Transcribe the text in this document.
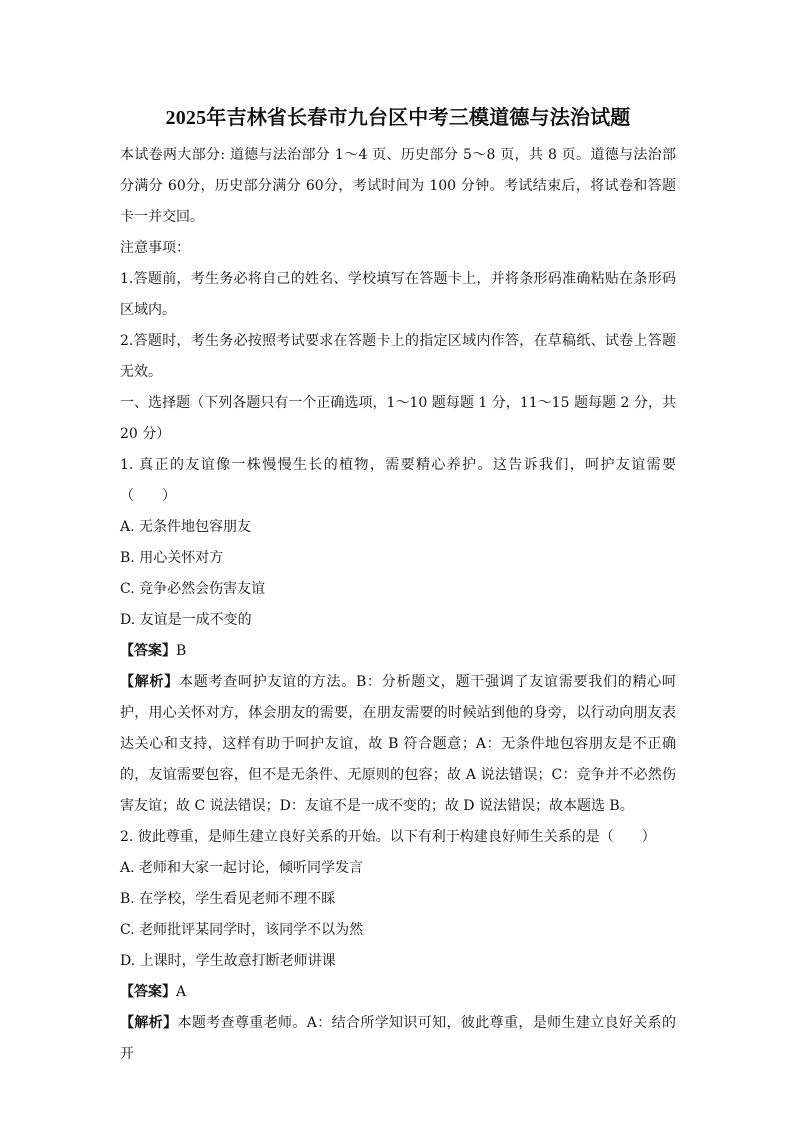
2025年吉林省长春市九台区中考三模道德与法治试题

本试卷两大部分: 道德与法治部分 1～4 页、历史部分 5～8 页，共 8 页。道德与法治部分满分 60分，历史部分满分 60分，考试时间为 100 分钟。考试结束后，将试卷和答题卡一并交回。

注意事项：

1.答题前，考生务必将自己的姓名、学校填写在答题卡上，并将条形码准确粘贴在条形码区域内。

2.答题时，考生务必按照考试要求在答题卡上的指定区域内作答，在草稿纸、试卷上答题无效。

一、选择题（下列各题只有一个正确选项，1～10 题每题 1 分，11～15 题每题 2 分，共 20 分）

1. 真正的友谊像一株慢慢生长的植物，需要精心养护。这告诉我们，呵护友谊需要（　　）

A. 无条件地包容朋友

B. 用心关怀对方

C. 竞争必然会伤害友谊

D. 友谊是一成不变的

【答案】B

【解析】本题考查呵护友谊的方法。B：分析题文，题干强调了友谊需要我们的精心呵护，用心关怀对方，体会朋友的需要，在朋友需要的时候站到他的身旁，以行动向朋友表达关心和支持，这样有助于呵护友谊，故 B 符合题意；A：无条件地包容朋友是不正确的，友谊需要包容，但不是无条件、无原则的包容；故 A 说法错误；C：竞争并不必然伤害友谊；故 C 说法错误；D：友谊不是一成不变的；故 D 说法错误；故本题选 B。

2. 彼此尊重，是师生建立良好关系的开始。以下有利于构建良好师生关系的是（　　）

A. 老师和大家一起讨论，倾听同学发言

B. 在学校，学生看见老师不理不睬

C. 老师批评某同学时，该同学不以为然

D. 上课时，学生故意打断老师讲课

【答案】A

【解析】本题考查尊重老师。A：结合所学知识可知，彼此尊重，是师生建立良好关系的开
